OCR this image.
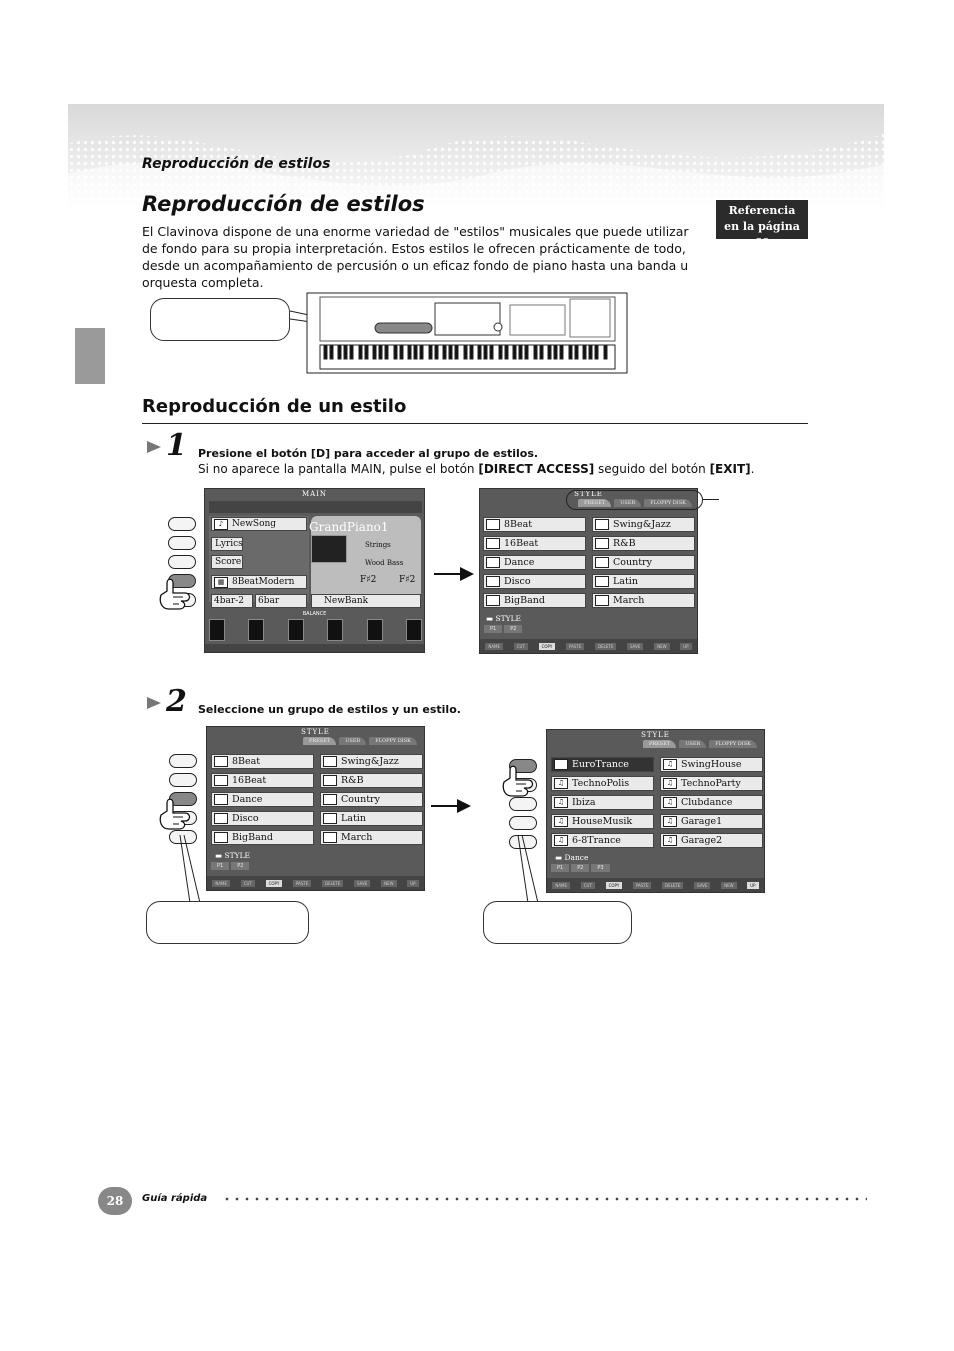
Reproducción de estilos
Reproducción de estilos

El Clavinova dispone de una enorme variedad de "estilos" musicales que puede utilizar de fondo para su propia interpretación. Estos estilos le ofrecen prácticamente de todo, desde un acompañamiento de percusión o un eficaz fondo de piano hasta una banda u orquesta completa.

Referencia
en la página 60
Reproducción de un estilo
1 Presione el botón [D] para acceder al grupo de estilos.
Si no aparece la pantalla MAIN, pulse el botón [DIRECT ACCESS] seguido del botón [EXIT].
MAIN
♪ NewSong
Lyrics
Score
▦ 8BeatModern
4bar-2 6bar
GrandPiano1
Strings
Wood Bass
F♯2	F♯2
NewBank
BALANCE
PRESET	USER	FLOPPY DISK
STYLE
8Beat	Swing&Jazz
16Beat	R&B
Dance	Country
Disco	Latin
BigBand	March
▬ STYLE
P1	P2
NAME	CUT	COPY	PASTE	DELETE	SAVE	NEW	UP
2 Seleccione un grupo de estilos y un estilo.
STYLE
PRESET	USER	FLOPPY DISK
8Beat	Swing&Jazz
16Beat	R&B
Dance	Country
Disco	Latin
BigBand	March
▬ STYLE
P1	P2
NAME	CUT	COPY	PASTE	DELETE	SAVE	NEW	UP
STYLE
PRESET	USER	FLOPPY DISK
♫ EuroTrance	♫ SwingHouse
♫ TechnoPolis	♫ TechnoParty
♫ Ibiza	♫ Clubdance
♫ HouseMusik	♫ Garage1
♫ 6-8Trance	♫ Garage2
▬ Dance
P1	P2	P3
NAME	CUT	COPY	PASTE	DELETE	SAVE	NEW	UP
28	Guía rápida
